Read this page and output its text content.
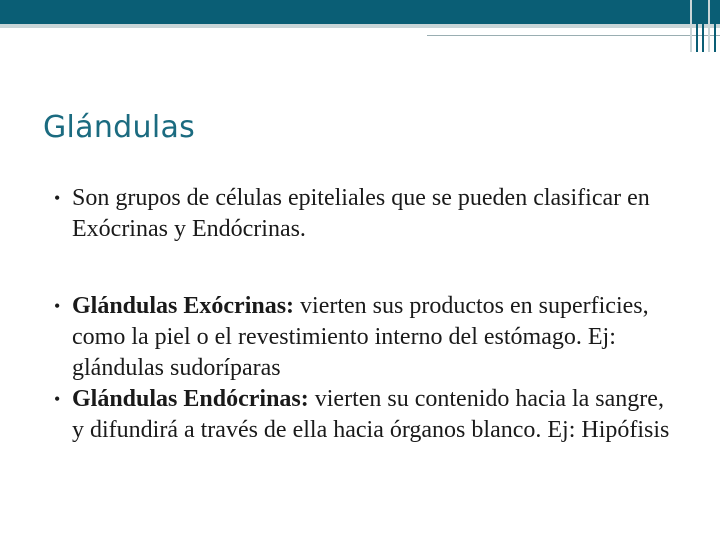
Glándulas
• Son grupos de células epiteliales que se pueden clasificar en Exócrinas y Endócrinas.
• Glándulas Exócrinas: vierten sus productos en superficies, como la piel o el revestimiento interno del estómago. Ej: glándulas sudoríparas
• Glándulas Endócrinas: vierten su contenido hacia la sangre, y difundirá a través de ella hacia órganos blanco. Ej: Hipófisis
